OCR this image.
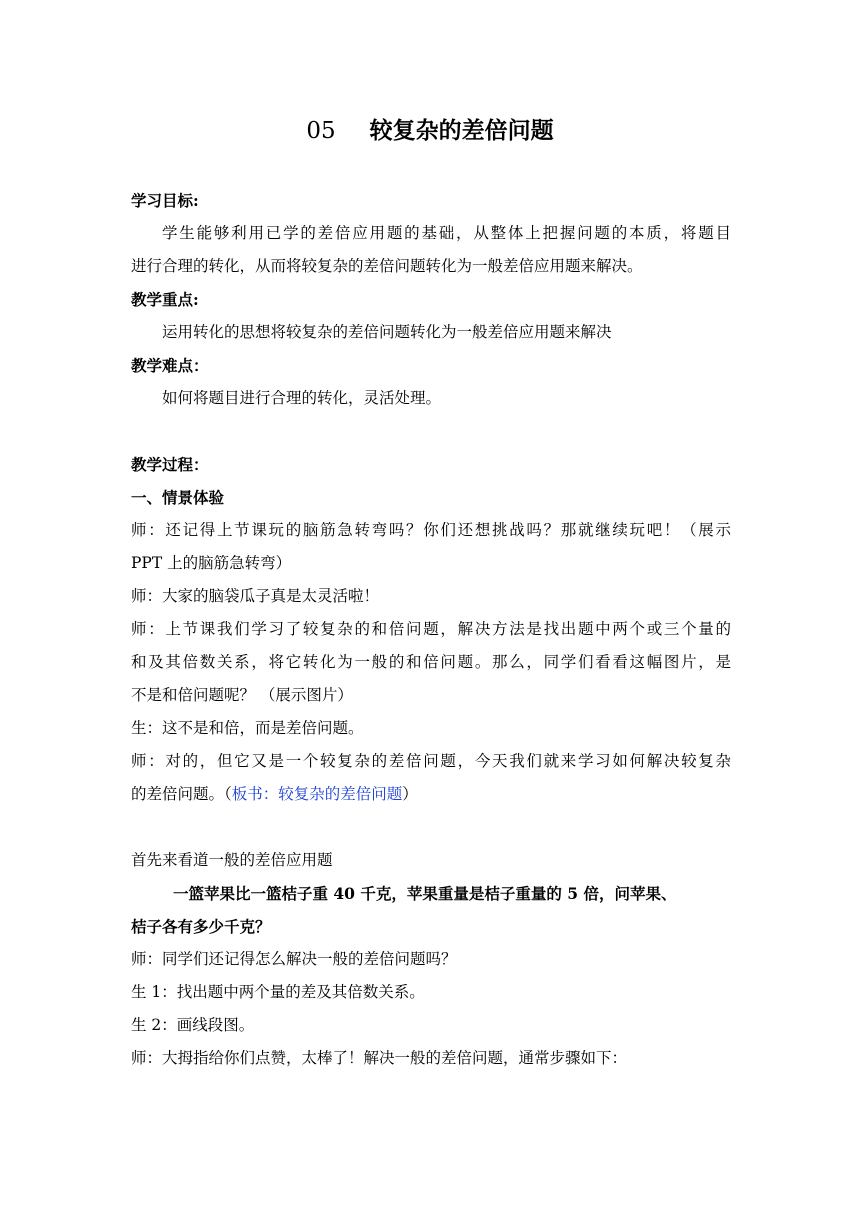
05 较复杂的差倍问题
学习目标:
学生能够利用已学的差倍应用题的基础，从整体上把握问题的本质，将题目
进行合理的转化，从而将较复杂的差倍问题转化为一般差倍应用题来解决。
教学重点:
运用转化的思想将较复杂的差倍问题转化为一般差倍应用题来解决
教学难点：
如何将题目进行合理的转化，灵活处理。
教学过程：
一、情景体验
师：还记得上节课玩的脑筋急转弯吗？你们还想挑战吗？那就继续玩吧！（展示
PPT 上的脑筋急转弯）
师：大家的脑袋瓜子真是太灵活啦！
师：上节课我们学习了较复杂的和倍问题，解决方法是找出题中两个或三个量的
和及其倍数关系，将它转化为一般的和倍问题。那么，同学们看看这幅图片，是
不是和倍问题呢？ （展示图片）
生：这不是和倍，而是差倍问题。
师：对的，但它又是一个较复杂的差倍问题，今天我们就来学习如何解决较复杂
的差倍问题。（板书：较复杂的差倍问题）
首先来看道一般的差倍应用题
一篮苹果比一篮桔子重 40 千克，苹果重量是桔子重量的 5 倍，问苹果、
桔子各有多少千克？
师：同学们还记得怎么解决一般的差倍问题吗？
生 1：找出题中两个量的差及其倍数关系。
生 2：画线段图。
师：大拇指给你们点赞，太棒了！解决一般的差倍问题，通常步骤如下：
